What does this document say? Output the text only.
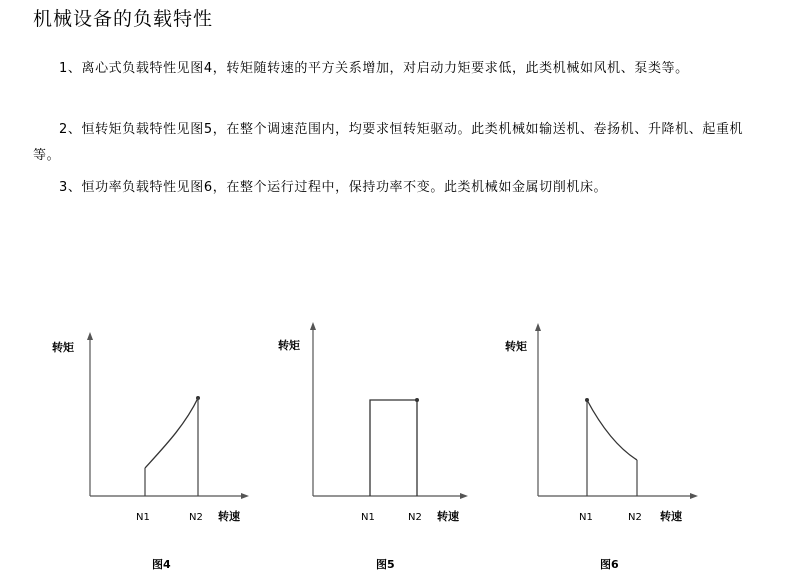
机械设备的负载特性

1、离心式负载特性见图4，转矩随转速的平方关系增加，对启动力矩要求低，此类机械如风机、泵类等。

2、恒转矩负载特性见图5，在整个调速范围内，均要求恒转矩驱动。此类机械如输送机、卷扬机、升降机、起重机等。

3、恒功率负载特性见图6，在整个运行过程中，保持功率不变。此类机械如金属切削机床。

转矩
N1	N2 转速
图4
转矩
N1	N2 转速
图5
转矩
N1	N2 转速
图6
